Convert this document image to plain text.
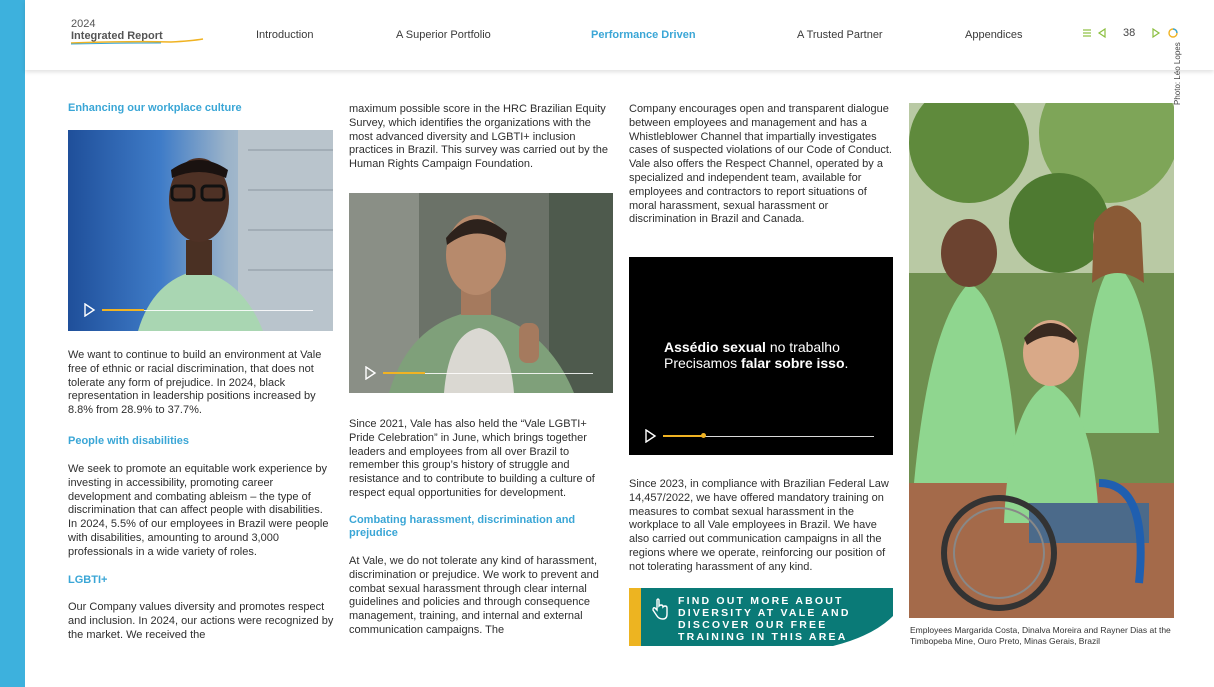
2024
Integrated Report	Introduction	A Superior Portfolio	Performance Driven	A Trusted Partner	Appendices	38
Enhancing our workplace culture
We want to continue to build an environment at Vale free of ethnic or racial discrimination, that does not tolerate any form of prejudice. In 2024, black representation in leadership positions increased by 8.8% from 28.9% to 37.7%.
People with disabilities
We seek to promote an equitable work experience by investing in accessibility, promoting career development and combating ableism – the type of discrimination that can affect people with disabilities. In 2024, 5.5% of our employees in Brazil were people with disabilities, amounting to around 3,000 professionals in a wide variety of roles.
LGBTI+
Our Company values diversity and promotes respect and inclusion. In 2024, our actions were recognized by the market. We received the
maximum possible score in the HRC Brazilian Equity Survey, which identifies the organizations with the most advanced diversity and LGBTI+ inclusion practices in Brazil. This survey was carried out by the Human Rights Campaign Foundation.
Since 2021, Vale has also held the “Vale LGBTI+ Pride Celebration” in June, which brings together leaders and employees from all over Brazil to remember this group’s history of struggle and resistance and to contribute to building a culture of respect equal opportunities for development.
Combating harassment, discrimination and prejudice
At Vale, we do not tolerate any kind of harassment, discrimination or prejudice. We work to prevent and combat sexual harassment through clear internal guidelines and policies and through consequence management, training, and internal and external communication campaigns. The
Company encourages open and transparent dialogue between employees and management and has a Whistleblower Channel that impartially investigates cases of suspected violations of our Code of Conduct. Vale also offers the Respect Channel, operated by a specialized and independent team, available for employees and contractors to report situations of moral harassment, sexual harassment or discrimination in Brazil and Canada.
Assédio sexual no trabalho
Precisamos falar sobre isso.
Since 2023, in compliance with Brazilian Federal Law 14,457/2022, we have offered mandatory training on measures to combat sexual harassment in the workplace to all Vale employees in Brazil. We have also carried out communication campaigns in all the regions where we operate, reinforcing our position of not tolerating harassment of any kind.
FIND OUT MORE ABOUT DIVERSITY AT VALE AND DISCOVER OUR FREE TRAINING IN THIS AREA
Photo: Léo Lopes
Employees Margarida Costa, Dinalva Moreira and Rayner Dias at the Timbopeba Mine, Ouro Preto, Minas Gerais, Brazil
